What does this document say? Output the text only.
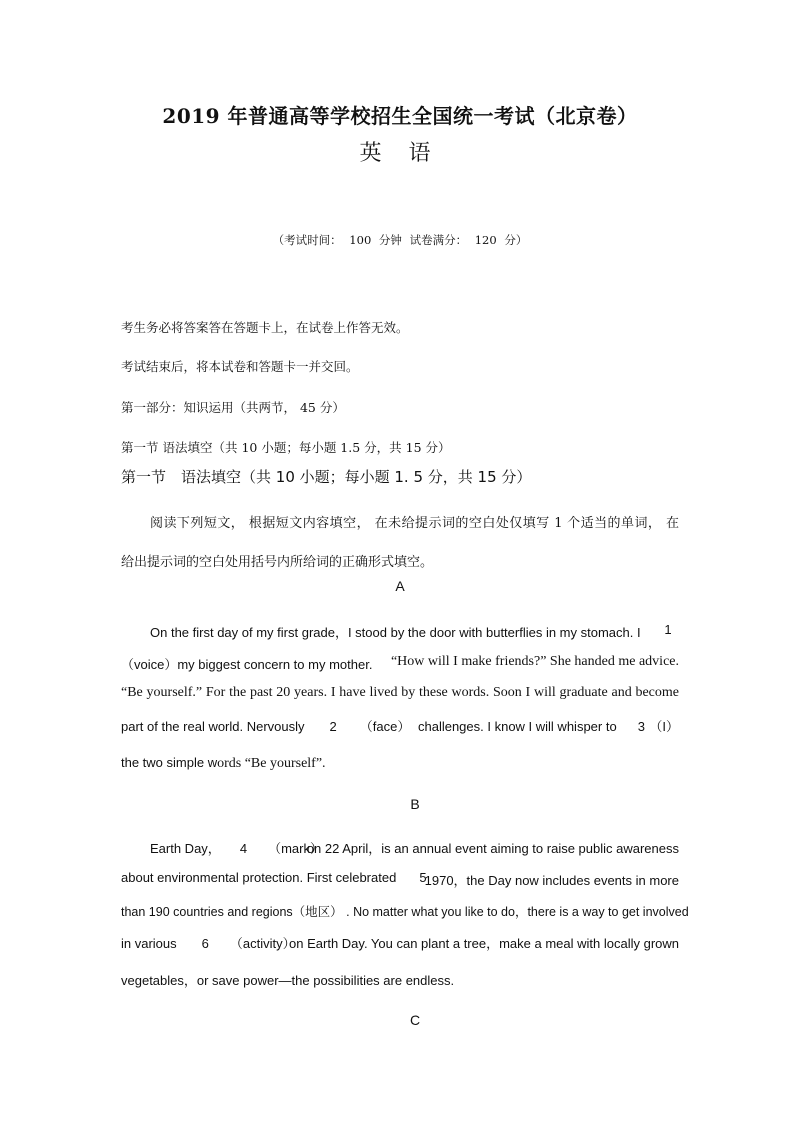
2019 年普通高等学校招生全国统一考试（北京卷）
英 语
（考试时间： 100 分钟 试卷满分： 120 分）
考生务必将答案答在答题卡上，在试卷上作答无效。
考试结束后，将本试卷和答题卡一并交回。
第一部分：知识运用（共两节， 45 分）
第一节 语法填空（共 10 小题；每小题 1.5 分，共 15 分）
第一节　语法填空（共 10 小题；每小题 1. 5 分，共 15 分）
阅读下列短文， 根据短文内容填空， 在未给提示词的空白处仅填写 1 个适当的单词， 在
给出提示词的空白处用括号内所给词的正确形式填空。
A
On the first day of my first grade，I stood by the door with butterflies in my stomach. I	1
（voice）my biggest concern to my mother. “How will I make friends?” She handed me advice.
“Be yourself.” For the past 20 years. I have lived by these words. Soon I will graduate and become
part of the real world. Nervously 2 （face） challenges. I know I will whisper to 3 （I）
the two simple words “Be yourself”.
B
Earth Day， 4 （mark）
on 22 April，is an annual event aiming to raise public awareness
about environmental protection. First celebrated 5
1970，the Day now includes events in more
than 190 countries and regions（地区） . No matter what you like to do，there is a way to get involved
in various 6 （activity）
on Earth Day. You can plant a tree，make a meal with locally grown
vegetables，or save power—the possibilities are endless.
C
